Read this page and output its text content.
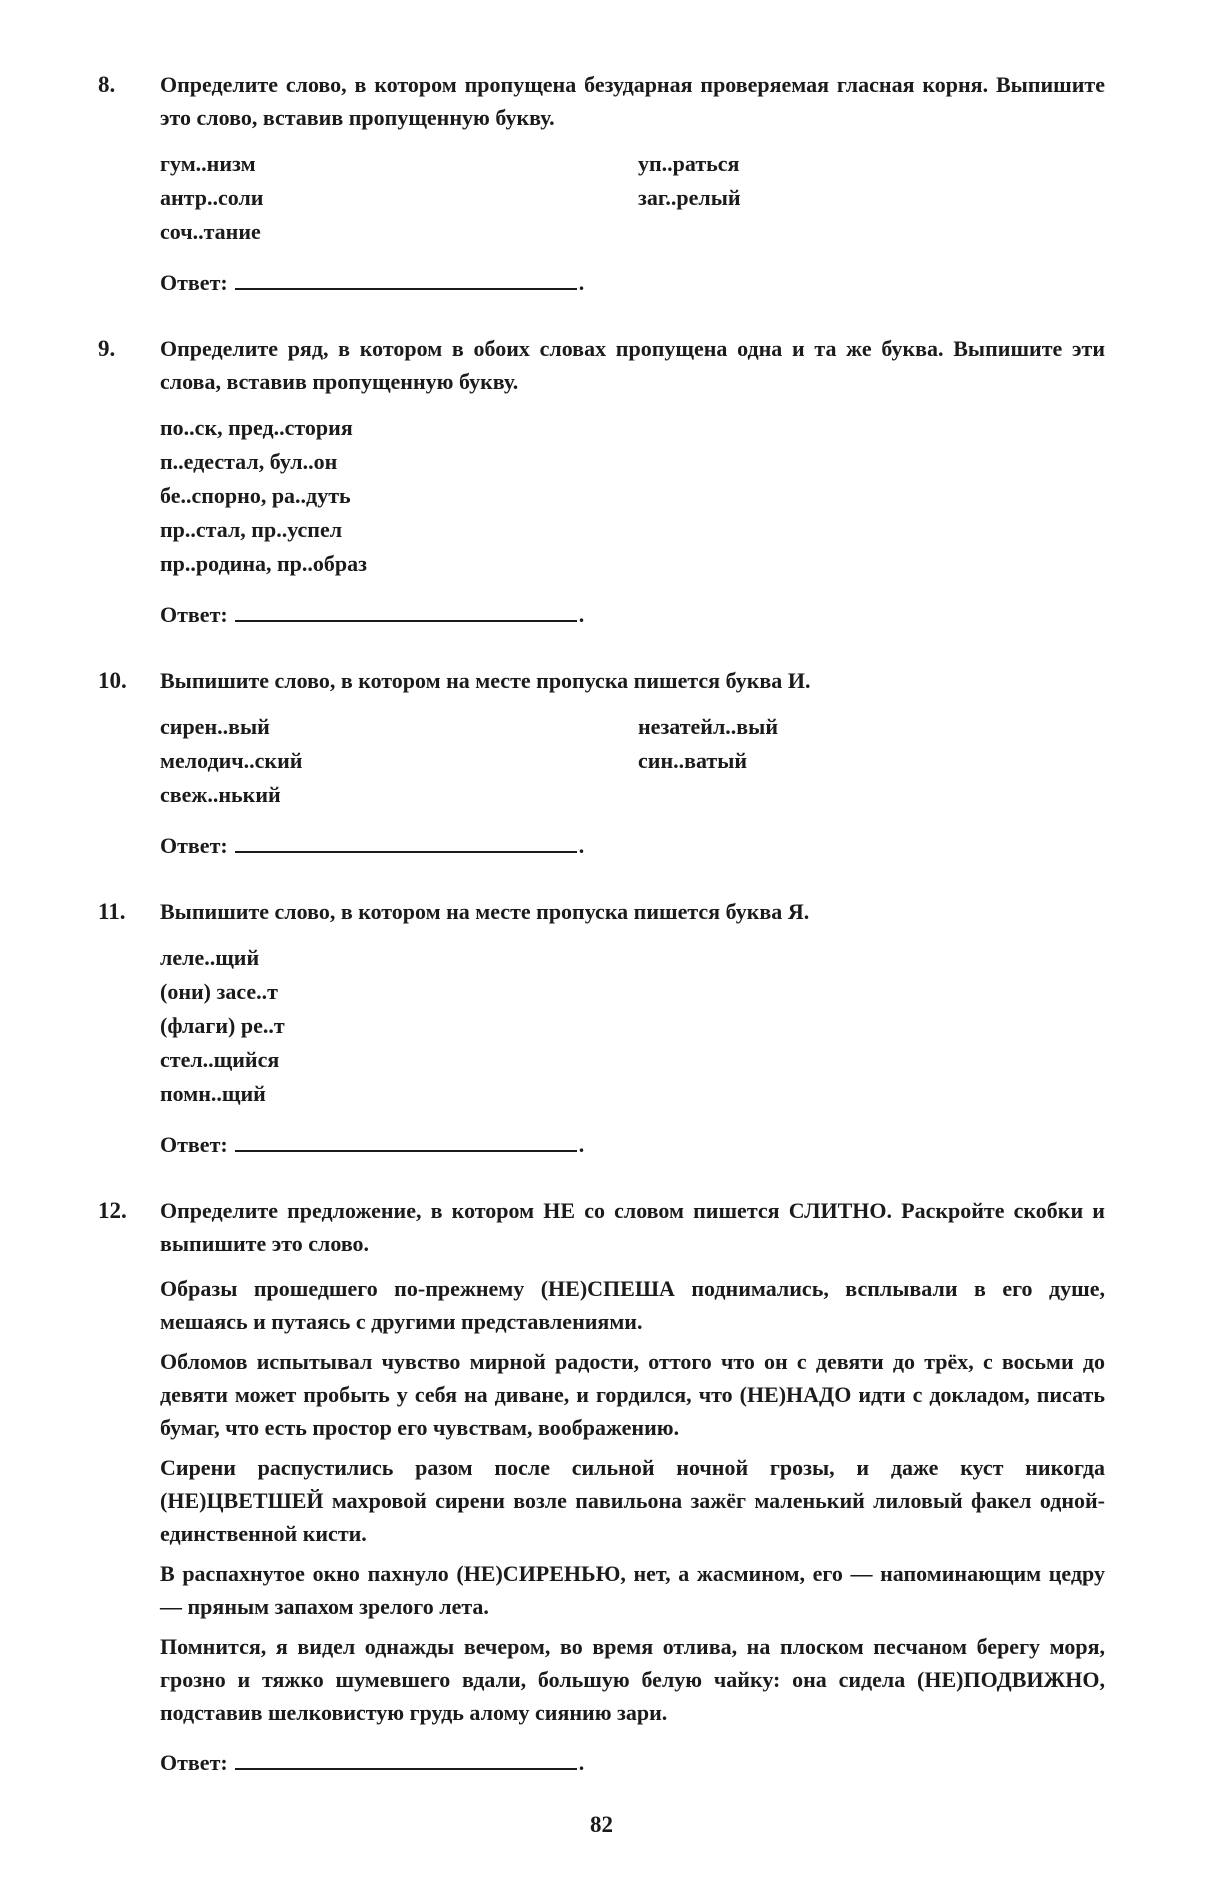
8.	Определите слово, в котором пропущена безударная проверяемая гласная корня. Выпишите это слово, вставив пропущенную букву.
гум..низм
антр..соли
соч..тание
уп..раться
заг..релый
Ответ:	.
9.	Определите ряд, в котором в обоих словах пропущена одна и та же буква. Выпишите эти слова, вставив пропущенную букву.
по..ск, пред..стория
п..едестал, бул..он
бе..спорно, ра..дуть
пр..стал, пр..успел
пр..родина, пр..образ
Ответ:	.
10.	Выпишите слово, в котором на месте пропуска пишется буква И.
сирен..вый
мелодич..ский
свеж..нький
незатейл..вый
син..ватый
Ответ:	.
11.	Выпишите слово, в котором на месте пропуска пишется буква Я.
леле..щий
(они) засе..т
(флаги) ре..т
стел..щийся
помн..щий
Ответ:	.
12.	Определите предложение, в котором НЕ со словом пишется СЛИТНО. Раскройте скобки и выпишите это слово.
Образы прошедшего по-прежнему (НЕ)СПЕША поднимались, всплывали в его душе, мешаясь и путаясь с другими представлениями.
Обломов испытывал чувство мирной радости, оттого что он с девяти до трёх, с восьми до девяти может пробыть у себя на диване, и гордился, что (НЕ)НАДО идти с докладом, писать бумаг, что есть простор его чувствам, воображению.
Сирени распустились разом после сильной ночной грозы, и даже куст никогда (НЕ)ЦВЕТШЕЙ махровой сирени возле павильона зажёг маленький лиловый факел одной-единственной кисти.
В распахнутое окно пахнуло (НЕ)СИРЕНЬЮ, нет, а жасмином, его — напоминающим цедру — пряным запахом зрелого лета.
Помнится, я видел однажды вечером, во время отлива, на плоском песчаном берегу моря, грозно и тяжко шумевшего вдали, большую белую чайку: она сидела (НЕ)ПОДВИЖНО, подставив шелковистую грудь алому сиянию зари.
Ответ:	.
82
